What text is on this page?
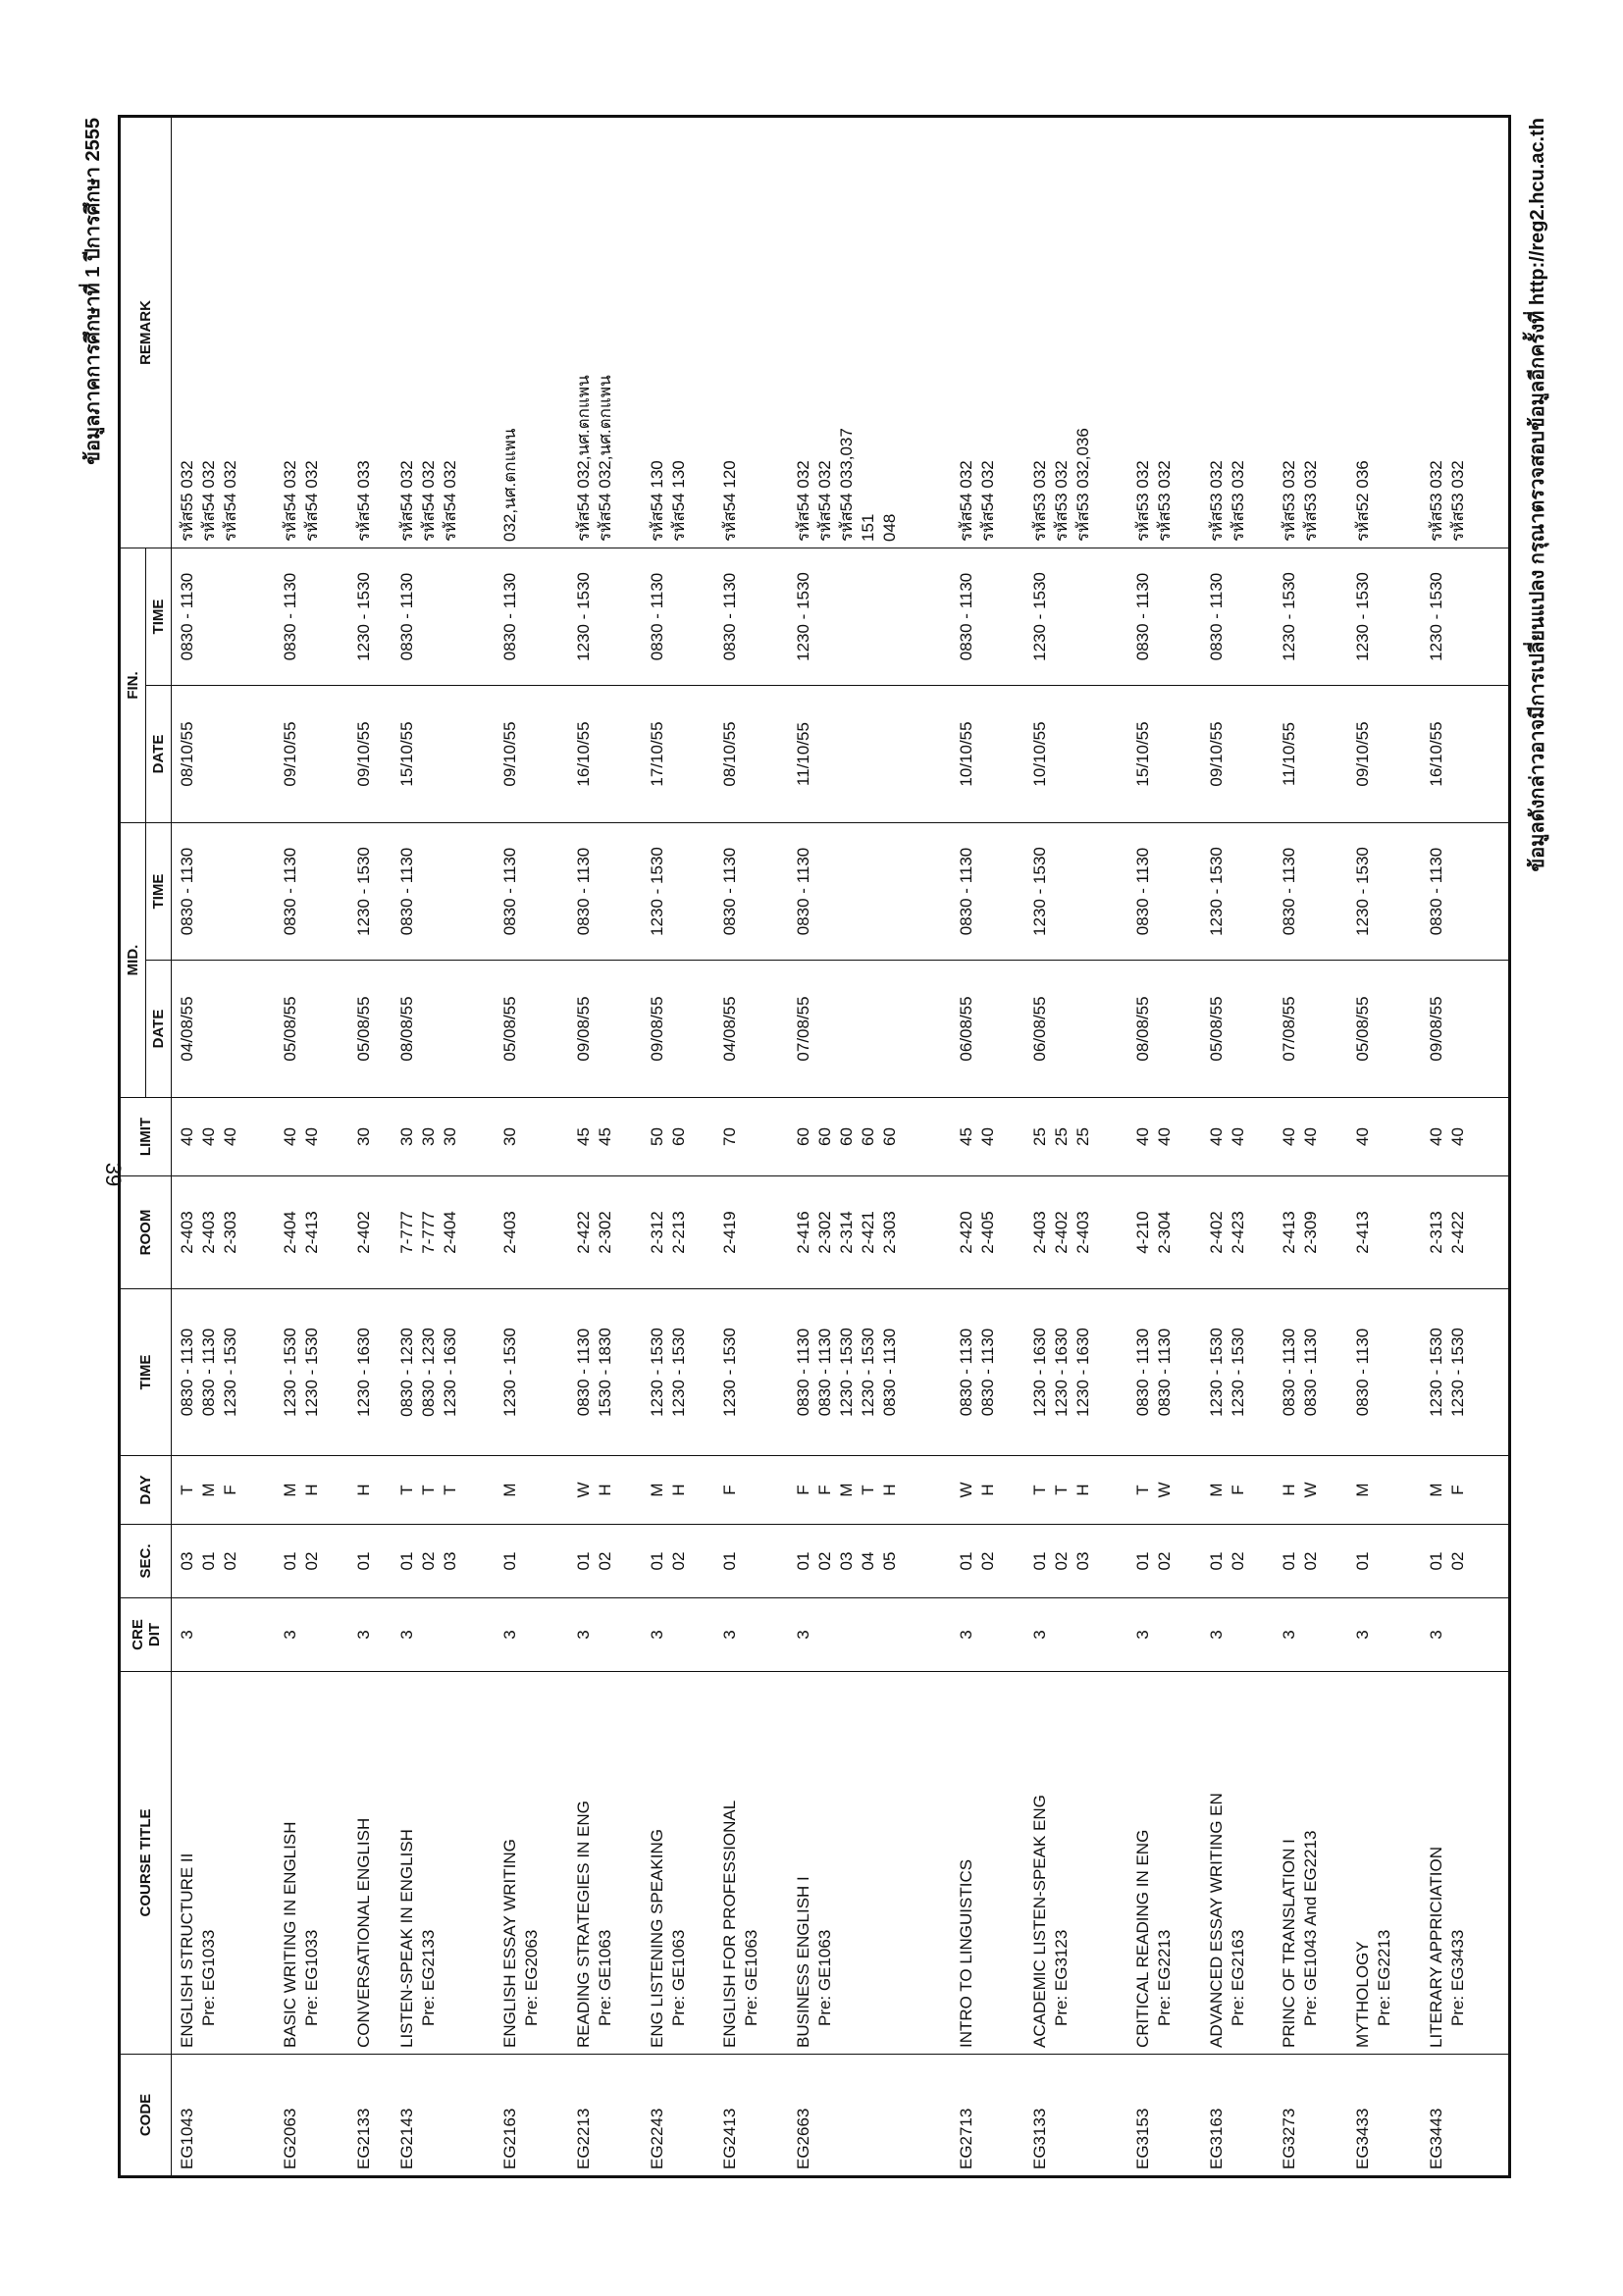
39
ข้อมูลภาคการศึกษาที่ 1 ปีการศึกษา 2555
CODE	COURSE TITLE	CRE DIT	SEC.	DAY	TIME	ROOM	LIMIT	MID.		FIN.		REMARK
								DATE	TIME	DATE	TIME	

EG1043	ENGLISH STRUCTURE II Pre: EG1033	3	03 01 02	T M F	0830 - 1130 0830 - 1130 1230 - 1530	2-403 2-403 2-303	40 40 40	04/08/55	0830 - 1130	08/10/55	0830 - 1130	รหัส55 032 รหัส54 032 รหัส54 032

EG2063	BASIC WRITING IN ENGLISH Pre: EG1033	3	01 02	M H	1230 - 1530 1230 - 1530	2-404 2-413	40 40	05/08/55	0830 - 1130	09/10/55	0830 - 1130	รหัส54 032 รหัส54 032

EG2133	CONVERSATIONAL ENGLISH	3	01	H	1230 - 1630	2-402	30	05/08/55	1230 - 1530	09/10/55	1230 - 1530	รหัส54 033

EG2143	LISTEN-SPEAK IN ENGLISH Pre: EG2133	3	01 02 03	T T T	0830 - 1230 0830 - 1230 1230 - 1630	7-777 7-777 2-404	30 30 30	08/08/55	0830 - 1130	15/10/55	0830 - 1130	รหัส54 032 รหัส54 032 รหัส54 032

EG2163	ENGLISH ESSAY WRITING Pre: EG2063	3	01	M	1230 - 1530	2-403	30	05/08/55	0830 - 1130	09/10/55	0830 - 1130	032,นศ.ตกแพน

EG2213	READING STRATEGIES IN ENG Pre: GE1063	3	01 02	W H	0830 - 1130 1530 - 1830	2-422 2-302	45 45	09/08/55	0830 - 1130	16/10/55	1230 - 1530	รหัส54 032,นศ.ตกแพน รหัส54 032,นศ.ตกแพน

EG2243	ENG LISTENING SPEAKING Pre: GE1063	3	01 02	M H	1230 - 1530 1230 - 1530	2-312 2-213	50 60	09/08/55	1230 - 1530	17/10/55	0830 - 1130	รหัส54 130 รหัส54 130

EG2413	ENGLISH FOR PROFESSIONAL Pre: GE1063	3	01	F	1230 - 1530	2-419	70	04/08/55	0830 - 1130	08/10/55	0830 - 1130	รหัส54 120

EG2663	BUSINESS ENGLISH I Pre: GE1063	3	01 02 03 04 05	F F M T H	0830 - 1130 0830 - 1130 1230 - 1530 1230 - 1530 0830 - 1130	2-416 2-302 2-314 2-421 2-303	60 60 60 60 60	07/08/55	0830 - 1130	11/10/55	1230 - 1530	รหัส54 032 รหัส54 032 รหัส54 033,037 151 048

EG2713	INTRO TO LINGUISTICS	3	01 02	W H	0830 - 1130 0830 - 1130	2-420 2-405	45 40	06/08/55	0830 - 1130	10/10/55	0830 - 1130	รหัส54 032 รหัส54 032

EG3133	ACADEMIC LISTEN-SPEAK ENG Pre: EG3123	3	01 02 03	T T H	1230 - 1630 1230 - 1630 1230 - 1630	2-403 2-402 2-403	25 25 25	06/08/55	1230 - 1530	10/10/55	1230 - 1530	รหัส53 032 รหัส53 032 รหัส53 032,036

EG3153	CRITICAL READING IN ENG Pre: EG2213	3	01 02	T W	0830 - 1130 0830 - 1130	4-210 2-304	40 40	08/08/55	0830 - 1130	15/10/55	0830 - 1130	รหัส53 032 รหัส53 032

EG3163	ADVANCED ESSAY WRITING EN Pre: EG2163	3	01 02	M F	1230 - 1530 1230 - 1530	2-402 2-423	40 40	05/08/55	1230 - 1530	09/10/55	0830 - 1130	รหัส53 032 รหัส53 032

EG3273	PRINC OF TRANSLATION I Pre: GE1043 And EG2213	3	01 02	H W	0830 - 1130 0830 - 1130	2-413 2-309	40 40	07/08/55	0830 - 1130	11/10/55	1230 - 1530	รหัส53 032 รหัส53 032

EG3433	MYTHOLOGY Pre: EG2213	3	01	M	0830 - 1130	2-413	40	05/08/55	1230 - 1530	09/10/55	1230 - 1530	รหัส52 036

EG3443	LITERARY APPRICIATION Pre: EG3433	3	01 02	M F	1230 - 1530 1230 - 1530	2-313 2-422	40 40	09/08/55	0830 - 1130	16/10/55	1230 - 1530	รหัส53 032 รหัส53 032

													ข้อมูลดังกล่าวอาจมีการเปลี่ยนแปลง กรุณาตรวจสอบข้อมูลอีกครั้งที่ http://reg2.hcu.ac.th
